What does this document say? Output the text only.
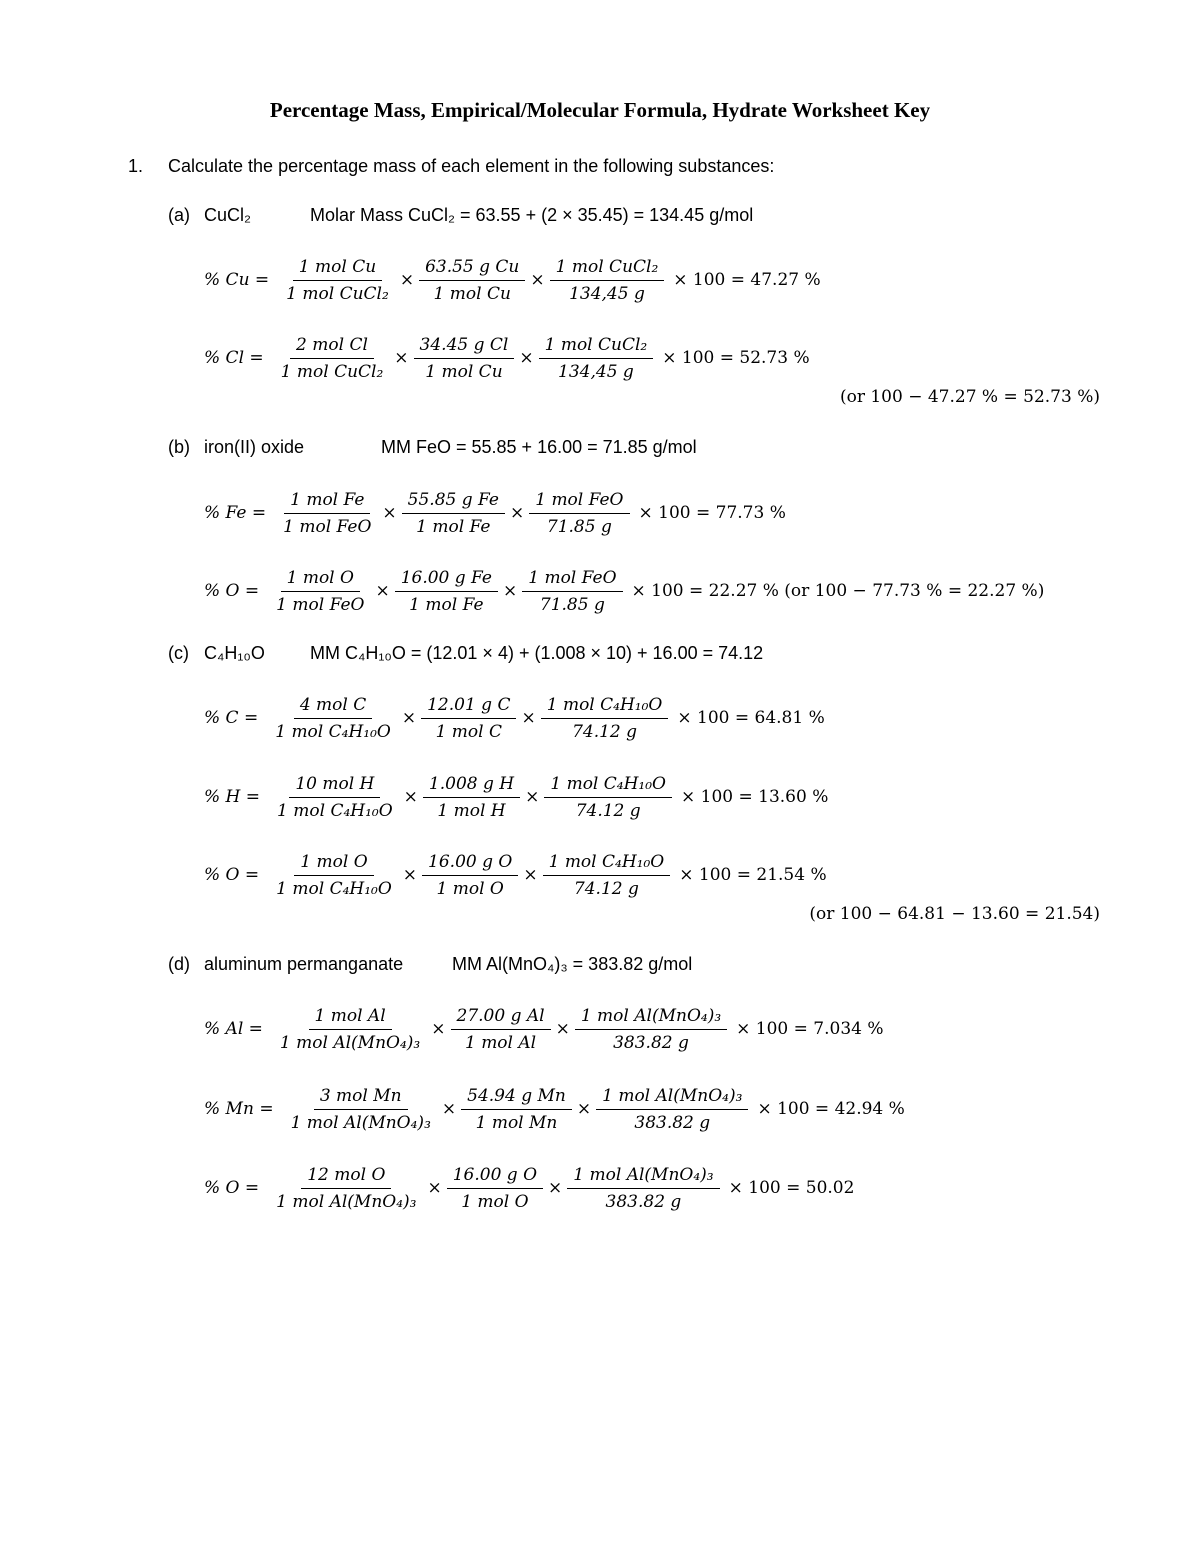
Percentage Mass, Empirical/Molecular Formula, Hydrate Worksheet Key
1. Calculate the percentage mass of each element in the following substances:
(a) CuCl₂	Molar Mass CuCl₂ = 63.55 + (2 × 35.45) = 134.45 g/mol
% $Cu = \frac{\text{1 mol Cu}}{\text{1 mol CuCl₂}} \times \frac{\text{63.55 g Cu}}{\text{1 mol Cu}} \times \frac{\text{1 mol CuCl₂}}{134,45 g} \times 100 = 47.27$ %
% $Cl = \frac{\text{2 mol Cl}}{\text{1 mol CuCl₂}} \times \frac{\text{34.45 g Cl}}{\text{1 mol Cu}} \times \frac{\text{1 mol CuCl₂}}{134,45 g} \times 100 = 52.73$ %
(or 100 − 47.27 % = 52.73 %)
(b) iron(II) oxide	MM FeO = 55.85 + 16.00 = 71.85 g/mol
% $Fe = \frac{\text{1 mol Fe}}{\text{1 mol FeO}} \times \frac{\text{55.85 g Fe}}{\text{1 mol Fe}} \times \frac{\text{1 mol FeO}}{71.85 g} \times 100 = 77.73$ %
% $O = \frac{\text{1 mol O}}{\text{1 mol FeO}} \times \frac{\text{16.00 g Fe}}{\text{1 mol Fe}} \times \frac{\text{1 mol FeO}}{71.85 g} \times 100 = 22.27$ % (or 100 − 77.73 % = 22.27 %)
(c) C₄H₁₀O	MM C₄H₁₀O = (12.01 × 4) + (1.008 × 10) + 16.00 = 74.12
% $C = \frac{\text{4 mol C}}{\text{1 mol C₄H₁₀O}} \times \frac{\text{12.01 g C}}{\text{1 mol C}} \times \frac{\text{1 mol C₄H₁₀O}}{74.12 g} \times 100 = 64.81$ %
% $H = \frac{\text{10 mol H}}{\text{1 mol C₄H₁₀O}} \times \frac{\text{1.008 g H}}{\text{1 mol H}} \times \frac{\text{1 mol C₄H₁₀O}}{74.12 g} \times 100 = 13.60$ %
% $O = \frac{\text{1 mol O}}{\text{1 mol C₄H₁₀O}} \times \frac{\text{16.00 g O}}{\text{1 mol O}} \times \frac{\text{1 mol C₄H₁₀O}}{74.12 g} \times 100 = 21.54$ %
(or 100 − 64.81 − 13.60 = 21.54)
(d) aluminum permanganate	MM Al(MnO₄)₃ = 383.82 g/mol
% $Al = \frac{\text{1 mol Al}}{\text{1 mol Al(MnO₄)₃}} \times \frac{\text{27.00 g Al}}{\text{1 mol Al}} \times \frac{\text{1 mol Al(MnO₄)₃}}{383.82 g} \times 100 = 7.034$ %
% $Mn = \frac{\text{3 mol Mn}}{\text{1 mol Al(MnO₄)₃}} \times \frac{\text{54.94 g Mn}}{\text{1 mol Mn}} \times \frac{\text{1 mol Al(MnO₄)₃}}{383.82 g} \times 100 = 42.94$ %
% $O = \frac{\text{12 mol O}}{\text{1 mol Al(MnO₄)₃}} \times \frac{\text{16.00 g O}}{\text{1 mol O}} \times \frac{\text{1 mol Al(MnO₄)₃}}{383.82 g} \times 100 = 50.02$
